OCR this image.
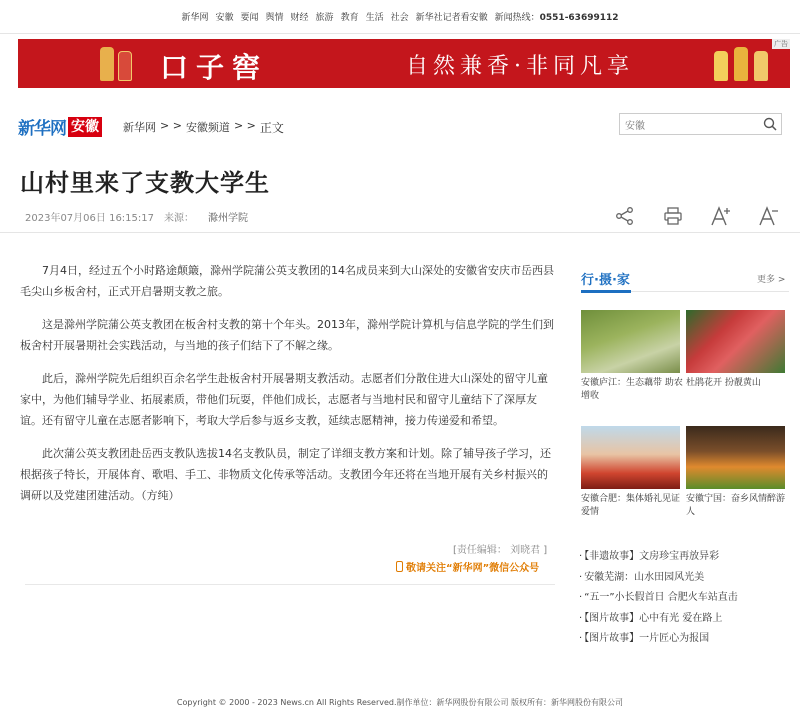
新华网 安徽 要闻 舆情 财经 旅游 教育 生活 社会 新华社记者看安徽 新闻热线：0551-63699112
口子窖	自然兼香·非同凡享
广告
新华网 安徽 新华网 > > 安徽频道 > > 正文
安徽
山村里来了支教大学生
2023年07月06日 16:15:17 来源： 滁州学院

7月4日，经过五个小时路途颠簸，滁州学院蒲公英支教团的14名成员来到大山深处的安徽省安庆市岳西县毛尖山乡板舍村，正式开启暑期支教之旅。

这是滁州学院蒲公英支教团在板舍村支教的第十个年头。2013年，滁州学院计算机与信息学院的学生们到板舍村开展暑期社会实践活动，与当地的孩子们结下了不解之缘。

此后，滁州学院先后组织百余名学生赴板舍村开展暑期支教活动。志愿者们分散住进大山深处的留守儿童家中，为他们辅导学业、拓展素质，带他们玩耍，伴他们成长，志愿者与当地村民和留守儿童结下了深厚友谊。还有留守儿童在志愿者影响下，考取大学后参与返乡支教，延续志愿精神，接力传递爱和希望。

此次蒲公英支教团赴岳西支教队选拔14名支教队员，制定了详细支教方案和计划。除了辅导孩子学习，还根据孩子特长，开展体育、歌唱、手工、非物质文化传承等活动。支教团今年还将在当地开展有关乡村振兴的调研以及党建团建活动。（方纯）

[责任编辑： 刘晓君 ]
敬请关注“新华网”微信公众号
行·摄·家	更多 >
安徽庐江：生态藕带 助农增收
杜鹃花开 扮靓黄山
安徽合肥：集体婚礼见证爱情
安徽宁国：奋乡风情醉游人
· 【非遗故事】文房珍宝再放异彩
· 安徽芜湖：山水田园风光美
· “五一”小长假首日 合肥火车站直击
· 【图片故事】心中有光 爱在路上
· 【图片故事】一片匠心为报国
Copyright © 2000 - 2023 News.cn All Rights Reserved.制作单位：新华网股份有限公司 版权所有：新华网股份有限公司
